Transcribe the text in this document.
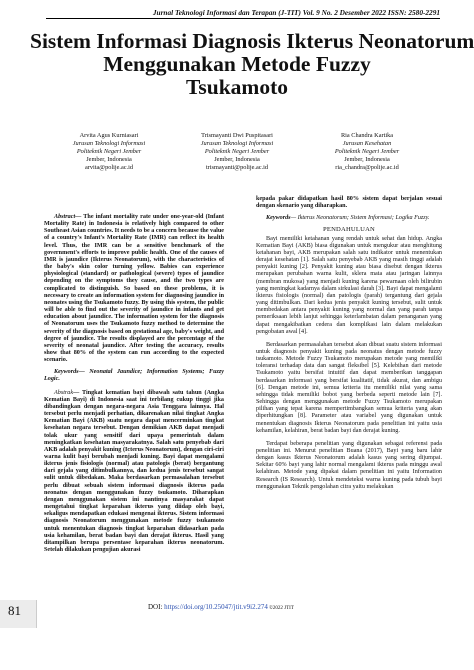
Jurnal Teknologi Informasi dan Terapan (J-TIT) Vol. 9 No. 2 Desember 2022 ISSN: 2580-2291
Sistem Informasi Diagnosis Ikterus Neonatorum
Menggunakan Metode Fuzzy
Tsukamoto
Arvita Agus Kurniasari
Jurusan Teknologi Informasi
Politeknik Negeri Jember
Jember, Indonesia
arvita@polije.ac.id
Trismayanti Dwi Puspitasari
Jurusan Teknologi Informasi
Politeknik Negeri Jember
Jember, Indonesia
trismayanti@polije.ac.id
Ria Chandra Kartika
Jurusan Kesehatan
Politeknik Negeri Jember
Jember, Indonesia
ria_chandra@polije.ac.id

Abstract— The infant mortality rate under one-year-old (Infant Mortality Rate) in Indonesia is relatively high compared to other Southeast Asian countries. It needs to be a concern because the value of a country's Infant's Mortality Rate (IMR) can reflect its health level. Thus, the IMR can be a sensitive benchmark of the government's efforts to improve public health. One of the causes of IMR is jaundice (Ikterus Neonatorum), with the characteristics of the baby's skin color turning yellow. Babies can experience physiological (standard) or pathological (severe) types of jaundice depending on the symptoms they cause, and the two types are complicated to distinguish. So based on these problems, it is necessary to create an information system for diagnosing jaundice in neonates using the Tsukamoto fuzzy. By using this system, the public will be able to find out the severity of jaundice in infants and get education about jaundice. The information system for the diagnosis of Neonatorum uses the Tsukamoto fuzzy method to determine the severity of the diagnosis based on gestational age, baby's weight, and degree of jaundice. The results displayed are the percentage of the severity of neonatal jaundice. After testing the accuracy, results show that 80% of the system can run according to the expected scenario.

Keywords— Neonatal Jaundice; Information Systems; Fuzzy Logic.

Abstrak— Tingkat kematian bayi dibawah satu tahun (Angka Kematian Bayi) di Indonesia saat ini terbilang cukup tinggi jika dibandingkan dengan negara-negara Asia Tenggara lainnya. Hal tersebut perlu menjadi perhatian, dikarenakan nilai tingkat Angka Kematian Bayi (AKB) suatu negara dapat mencerminkan tingkat kesehatan negara tersebut. Dengan demikian AKB dapat menjadi tolak ukur yang sensitif dari upaya pemerintah dalam meningkatkan kesehatan masyarakatnya. Salah satu penyebab dari AKB adalah penyakit kuning (Icterus Neonatorum), dengan ciri-ciri warna kulit bayi berubah menjadi kuning. Bayi dapat mengalami ikterus jenis fisiologis (normal) atau patologis (berat) bergantung dari gejala yang ditimbulkannya, dan kedua jenis tersebut sangat sulit untuk dibedakan. Maka berdasarkan permasalahan tersebut perlu dibuat sebuah sistem informasi diagnosis ikterus pada neonatus dengan menggunakan fuzzy tsukamoto. Diharapkan dengan menggunakan sistem ini nantinya masyarakat dapat mengetahui tingkat keparahan ikterus yang diidap oleh bayi, sekaligus mendapatkan edukasi mengenai ikterus. Sistem informasi diagnosis Neonatorum menggunakan metode fuzzy tsukamoto untuk menentukan diagnosis tingkat keparahan didasarkan pada usia kehamilan, berat badan bayi dan derajat ikterus. Hasil yang ditampilkan berupa persentase keparahan ikterus neonatorum. Setelah dilakukan pengujian akurasi

kepada pakar didapatkan hasil 80% sistem dapat berjalan sesuai dengan skenario yang diharapkan.

Keywords— Ikterus Neonatorum; Sistem Informasi; Logika Fuzzy.

PENDAHULUAN

Bayi memiliki ketahanan yang rendah untuk sehat dan hidup. Angka Kematian Bayi (AKB) biasa digunakan untuk mengukur atau menghitung ketahanan bayi, AKB merupakan salah satu indikator untuk menentukan derajat kesehatan [1]. Salah satu penyebab AKB yang masih tinggi adalah penyakit kuning [2]. Penyakit kuning atau biasa disebut dengan ikterus merupakan perubahan warna kulit, sklera mata atau jaringan lainnya (membran mukosa) yang menjadi kuning karena pewarnaan oleh bilirubin yang meningkat kadarnya dalam sirkulasi darah [3]. Bayi dapat mengalami ikterus fisiologis (normal) dan patologis (parah) tergantung dari gejala yang ditimbulkan. Dari kedua jenis penyakit kuning tersebut, sulit untuk membedakan antara penyakit kuning yang normal dan yang parah tanpa pemeriksaan lebih lanjut sehingga keterlambatan dalam penanganan yang dapat mengakibatkan cedera dan komplikasi lain dalam melakukan pengobatan awal [4].

Berdasarkan permasalahan tersebut akan dibuat suatu sistem informasi untuk diagnosis penyakit kuning pada neonatus dengan metode fuzzy tsukamoto. Metode Fuzzy Tsukamoto merupakan metode yang memiliki toleransi terhadap data dan sangat fleksibel [5]. Kelebihan dari metode Tsukamoto yaitu bersifat intuitif dan dapat memberikan tanggapan berdasarkan informasi yang bersifat kualitatif, tidak akurat, dan ambigu [6]. Dengan metode ini, semua kriteria itu memiliki nilai yang sama sehingga tidak memiliki bobot yang berbeda seperti metode lain [7]. Sehingga dengan menggunakan metode Fuzzy Tsukamoto merupakan pilihan yang tepat karena mempertimbangkan semua kriteria yang akan diperhitungkan [8]. Parameter atau variabel yang digunakan untuk menentukan diagnosis Ikterus Neonatorum pada penelitian ini yaitu usia kehamilan, kelahiran, berat badan bayi dan derajat kuning.

Terdapat beberapa penelitian yang digunakan sebagai referensi pada penelitian ini. Menurut penelitian Buana (2017), Bayi yang baru lahir dengan kasus Ikterus Neonatorum adalah kasus yang sering dijumpai. Sekitar 60% bayi yang lahir normal mengalami ikterus pada minggu awal kelahiran. Metode yang dipakai dalam penelitian ini yaitu Information Research (IS Research). Untuk mendeteksi warna kuning pada tubuh bayi menggunakan Teknik pengolahan citra yaitu melakukan

81	DOI: https://doi.org/10.25047/jtit.v9i2.274 ©2022 JTIT
